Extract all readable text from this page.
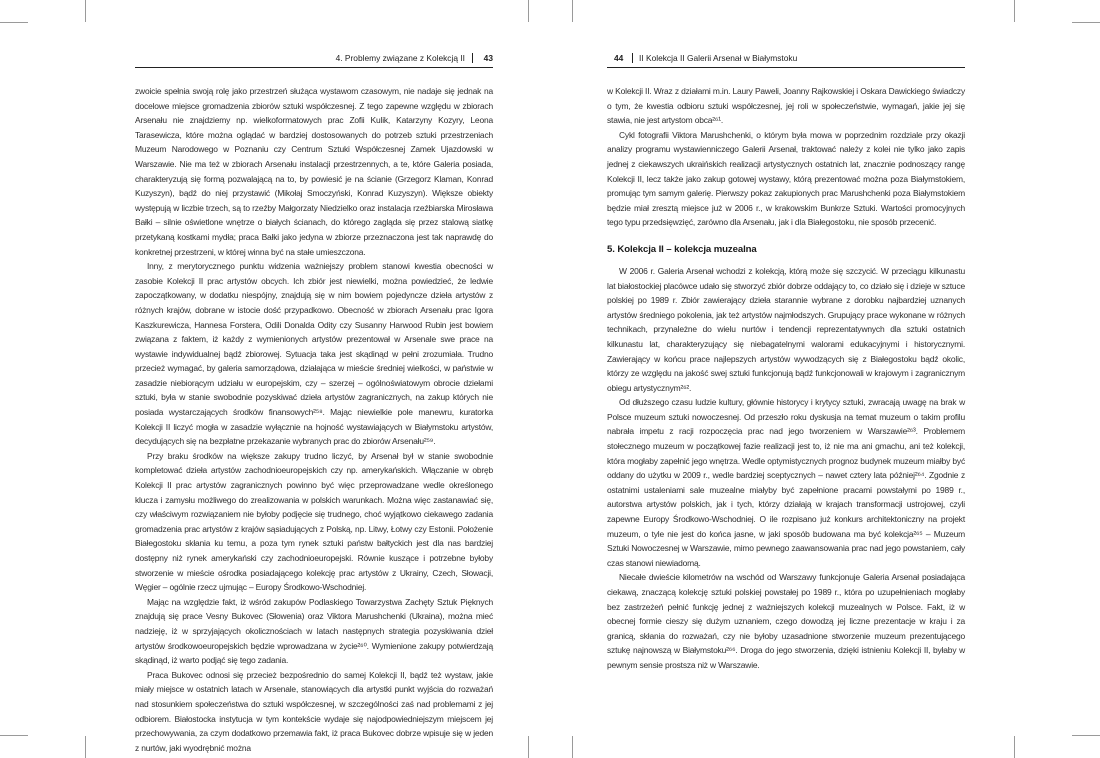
4. Problemy związane z Kolekcją II 43

zwoicie spełnia swoją rolę jako przestrzeń służąca wystawom czasowym, nie nadaje się jednak na docelowe miejsce gromadzenia zbiorów sztuki współczesnej. Z tego zapewne względu w zbiorach Arsenału nie znajdziemy np. wielkoformatowych prac Zofii Kulik, Katarzyny Kozyry, Leona Tarasewicza, które można oglądać w bardziej dostosowanych do potrzeb sztuki przestrzeniach Muzeum Narodowego w Poznaniu czy Centrum Sztuki Współczesnej Zamek Ujazdowski w Warszawie. Nie ma też w zbiorach Arsenału instalacji przestrzennych, a te, które Galeria posiada, charakteryzują się formą pozwalającą na to, by powiesić je na ścianie (Grzegorz Klaman, Konrad Kuzyszyn), bądź do niej przystawić (Mikołaj Smoczyński, Konrad Kuzyszyn). Większe obiekty występują w liczbie trzech, są to rzeźby Małgorzaty Niedzielko oraz instalacja rzeźbiarska Mirosława Bałki – silnie oświetlone wnętrze o białych ścianach, do którego zagląda się przez stalową siatkę przetykaną kostkami mydła; praca Bałki jako jedyna w zbiorze przeznaczona jest tak naprawdę do konkretnej przestrzeni, w której winna być na stałe umieszczona.

Inny, z merytorycznego punktu widzenia ważniejszy problem stanowi kwestia obecności w zasobie Kolekcji II prac artystów obcych. Ich zbiór jest niewielki, można powiedzieć, że ledwie zapoczątkowany, w dodatku niespójny, znajdują się w nim bowiem pojedyncze dzieła artystów z różnych krajów, dobrane w istocie dość przypadkowo. Obecność w zbiorach Arsenału prac Igora Kaszkurewicza, Hannesa Forstera, Odili Donalda Odity czy Susanny Harwood Rubin jest bowiem związana z faktem, iż każdy z wymienionych artystów prezentował w Arsenale swe prace na wystawie indywidualnej bądź zbiorowej. Sytuacja taka jest skądinąd w pełni zrozumiała. Trudno przecież wymagać, by galeria samorządowa, działająca w mieście średniej wielkości, w państwie w zasadzie niebiorącym udziału w europejskim, czy – szerzej – ogólnoświatowym obrocie dziełami sztuki, była w stanie swobodnie pozyskiwać dzieła artystów zagranicznych, na zakup których nie posiada wystarczających środków finansowych²⁵⁸. Mając niewielkie pole manewru, kuratorka Kolekcji II liczyć mogła w zasadzie wyłącznie na hojność wystawiających w Białymstoku artystów, decydujących się na bezpłatne przekazanie wybranych prac do zbiorów Arsenału²⁵⁹.

Przy braku środków na większe zakupy trudno liczyć, by Arsenał był w stanie swobodnie kompletować dzieła artystów zachodnioeuropejskich czy np. amerykańskich. Włączanie w obręb Kolekcji II prac artystów zagranicznych powinno być więc przeprowadzane wedle określonego klucza i zamysłu możliwego do zrealizowania w polskich warunkach. Można więc zastanawiać się, czy właściwym rozwiązaniem nie byłoby podjęcie się trudnego, choć wyjątkowo ciekawego zadania gromadzenia prac artystów z krajów sąsiadujących z Polską, np. Litwy, Łotwy czy Estonii. Położenie Białegostoku skłania ku temu, a poza tym rynek sztuki państw bałtyckich jest dla nas bardziej dostępny niż rynek amerykański czy zachodnioeuropejski. Równie kuszące i potrzebne byłoby stworzenie w mieście ośrodka posiadającego kolekcję prac artystów z Ukrainy, Czech, Słowacji, Węgier – ogólnie rzecz ujmując – Europy Środkowo-Wschodniej.

Mając na względzie fakt, iż wśród zakupów Podlaskiego Towarzystwa Zachęty Sztuk Pięknych znajdują się prace Vesny Bukovec (Słowenia) oraz Viktora Marushchenki (Ukraina), można mieć nadzieję, iż w sprzyjających okolicznościach w latach następnych strategia pozyskiwania dzieł artystów środkowoeuropejskich będzie wprowadzana w życie²⁶⁰. Wymienione zakupy potwierdzają skądinąd, iż warto podjąć się tego zadania.

Praca Bukovec odnosi się przecież bezpośrednio do samej Kolekcji II, bądź też wystaw, jakie miały miejsce w ostatnich latach w Arsenale, stanowiących dla artystki punkt wyjścia do rozważań nad stosunkiem społeczeństwa do sztuki współczesnej, w szczególności zaś nad problemami z jej odbiorem. Białostocka instytucja w tym kontekście wydaje się najodpowiedniejszym miejscem jej przechowywania, za czym dodatkowo przemawia fakt, iż praca Bukovec dobrze wpisuje się w jeden z nurtów, jaki wyodrębnić można

44 II Kolekcja II Galerii Arsenał w Białymstoku

w Kolekcji II. Wraz z działami m.in. Laury Paweli, Joanny Rajkowskiej i Oskara Dawickiego świadczy o tym, że kwestia odbioru sztuki współczesnej, jej roli w społeczeństwie, wymagań, jakie jej się stawia, nie jest artystom obca²⁶¹.

Cykl fotografii Viktora Marushchenki, o którym była mowa w poprzednim rozdziale przy okazji analizy programu wystawienniczego Galerii Arsenał, traktować należy z kolei nie tylko jako zapis jednej z ciekawszych ukraińskich realizacji artystycznych ostatnich lat, znacznie podnoszący rangę Kolekcji II, lecz także jako zakup gotowej wystawy, którą prezentować można poza Białymstokiem, promując tym samym galerię. Pierwszy pokaz zakupionych prac Marushchenki poza Białymstokiem będzie miał zresztą miejsce już w 2006 r., w krakowskim Bunkrze Sztuki. Wartości promocyjnych tego typu przedsięwzięć, zarówno dla Arsenału, jak i dla Białegostoku, nie sposób przecenić.

5. Kolekcja II – kolekcja muzealna

W 2006 r. Galeria Arsenał wchodzi z kolekcją, którą może się szczycić. W przeciągu kilkunastu lat białostockiej placówce udało się stworzyć zbiór dobrze oddający to, co działo się i dzieje w sztuce polskiej po 1989 r. Zbiór zawierający dzieła starannie wybrane z dorobku najbardziej uznanych artystów średniego pokolenia, jak też artystów najmłodszych. Grupujący prace wykonane w różnych technikach, przynależne do wielu nurtów i tendencji reprezentatywnych dla sztuki ostatnich kilkunastu lat, charakteryzujący się niebagatelnymi walorami edukacyjnymi i historycznymi. Zawierający w końcu prace najlepszych artystów wywodzących się z Białegostoku bądź okolic, którzy ze względu na jakość swej sztuki funkcjonują bądź funkcjonowali w krajowym i zagranicznym obiegu artystycznym²⁶².

Od dłuższego czasu ludzie kultury, głównie historycy i krytycy sztuki, zwracają uwagę na brak w Polsce muzeum sztuki nowoczesnej. Od przeszło roku dyskusja na temat muzeum o takim profilu nabrała impetu z racji rozpoczęcia prac nad jego tworzeniem w Warszawie²⁶³. Problemem stołecznego muzeum w początkowej fazie realizacji jest to, iż nie ma ani gmachu, ani też kolekcji, która mogłaby zapełnić jego wnętrza. Wedle optymistycznych prognoz budynek muzeum miałby być oddany do użytku w 2009 r., wedle bardziej sceptycznych – nawet cztery lata później²⁶⁴. Zgodnie z ostatnimi ustaleniami sale muzealne miałyby być zapełnione pracami powstałymi po 1989 r., autorstwa artystów polskich, jak i tych, którzy działają w krajach transformacji ustrojowej, czyli zapewne Europy Środkowo-Wschodniej. O ile rozpisano już konkurs architektoniczny na projekt muzeum, o tyle nie jest do końca jasne, w jaki sposób budowana ma być kolekcja²⁶⁵ – Muzeum Sztuki Nowoczesnej w Warszawie, mimo pewnego zaawansowania prac nad jego powstaniem, cały czas stanowi niewiadomą.

Niecałe dwieście kilometrów na wschód od Warszawy funkcjonuje Galeria Arsenał posiadająca ciekawą, znaczącą kolekcję sztuki polskiej powstałej po 1989 r., która po uzupełnieniach mogłaby bez zastrzeżeń pełnić funkcję jednej z ważniejszych kolekcji muzealnych w Polsce. Fakt, iż w obecnej formie cieszy się dużym uznaniem, czego dowodzą jej liczne prezentacje w kraju i za granicą, skłania do rozważań, czy nie byłoby uzasadnione stworzenie muzeum prezentującego sztukę najnowszą w Białymstoku²⁶⁶. Droga do jego stworzenia, dzięki istnieniu Kolekcji II, byłaby w pewnym sensie prostsza niż w Warszawie.
